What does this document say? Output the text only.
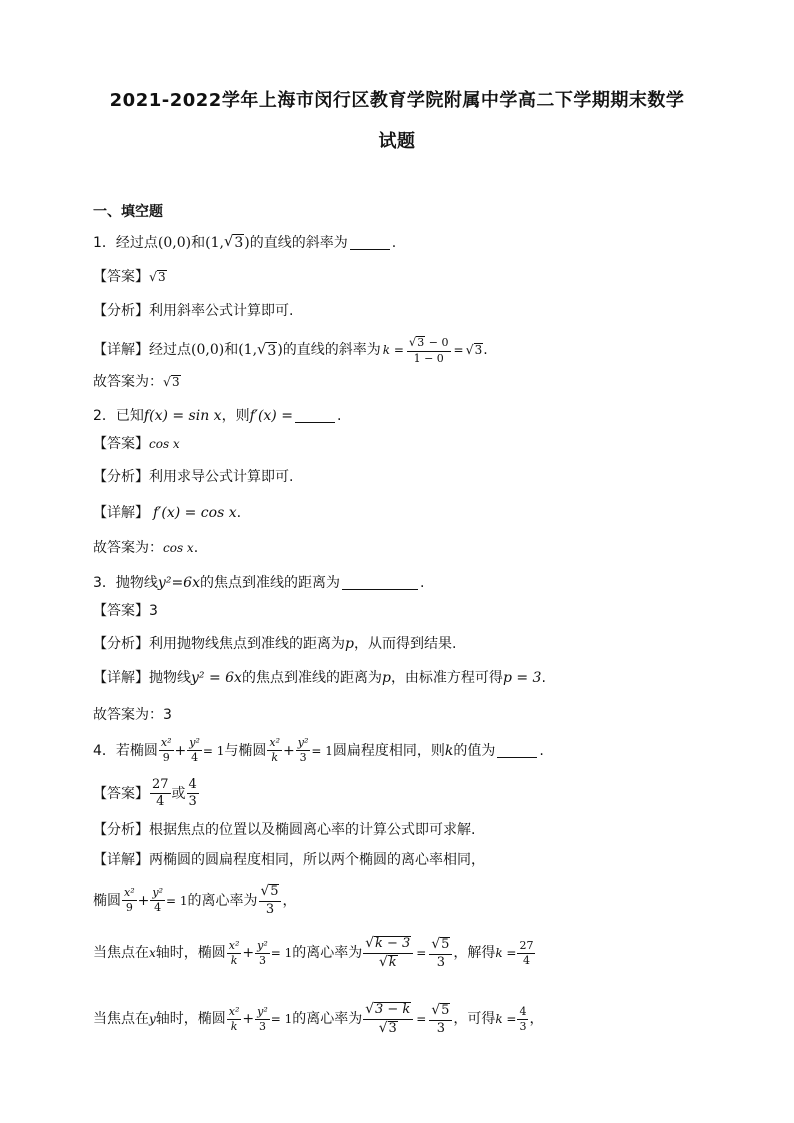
2021-2022学年上海市闵行区教育学院附属中学高二下学期期末数学
试题
一、填空题
1．经过点 (0,0) 和 (1, √ 3 ) 的直线的斜率为	.
【答案】 √ 3
【分析】 利用斜率公式计算即可.
【详解】 经过点 (0,0) 和 (1, √ 3 ) 的直线的斜率为 $k = \frac{√ 3 - 0}{1 - 0}$ = √ 3 .
故答案为： √ 3
2．已知 f(x) = sin x ，则 f′(x) =	.
【答案】 cos x
【分析】 利用求导公式计算即可.
【详解】 f′(x) = cos x .
故答案为： cos x .
3．抛物线 y²=6x 的焦点到准线的距离为	.
【答案】 3
【分析】 利用抛物线焦点到准线的距离为 p ，从而得到结果.
【详解】 抛物线 y² = 6x 的焦点到准线的距离为 p ，由标准方程可得 p = 3 .
故答案为： 3
4．若椭圆 $\frac{\text{x²}}{9} + \frac{\text{y²}}{4} = 1$ 与椭圆 $\frac{\text{x²}}{k} + \frac{\text{y²}}{3} = 1$ 圆扁程度相同，则 k 的值为	.
【答案】 $\frac{27}{4}$ 或 $\frac{4}{3}$
【分析】 根据焦点的位置以及椭圆离心率的计算公式即可求解.
【详解】 两椭圆的圆扁程度相同，所以两个椭圆的离心率相同，
椭圆 $\frac{\text{x²}}{9} + \frac{\text{y²}}{4} = 1$ 的离心率为 $\frac{√ 5}{3}$ ，
当焦点在 x 轴时，椭圆 $\frac{\text{x²}}{k} + \frac{\text{y²}}{3} = 1$ 的离心率为 $\frac{√ k - 3}{√ k} = \frac{√ 5}{3}$ ，解得 $k = \frac{27}{4}$
当焦点在 y 轴时，椭圆 $\frac{\text{x²}}{k} + \frac{\text{y²}}{3} = 1$ 的离心率为 $\frac{√ 3 - k}{√ 3} = \frac{√ 5}{3}$ ，可得 $k = \frac{4}{3}$ ，
